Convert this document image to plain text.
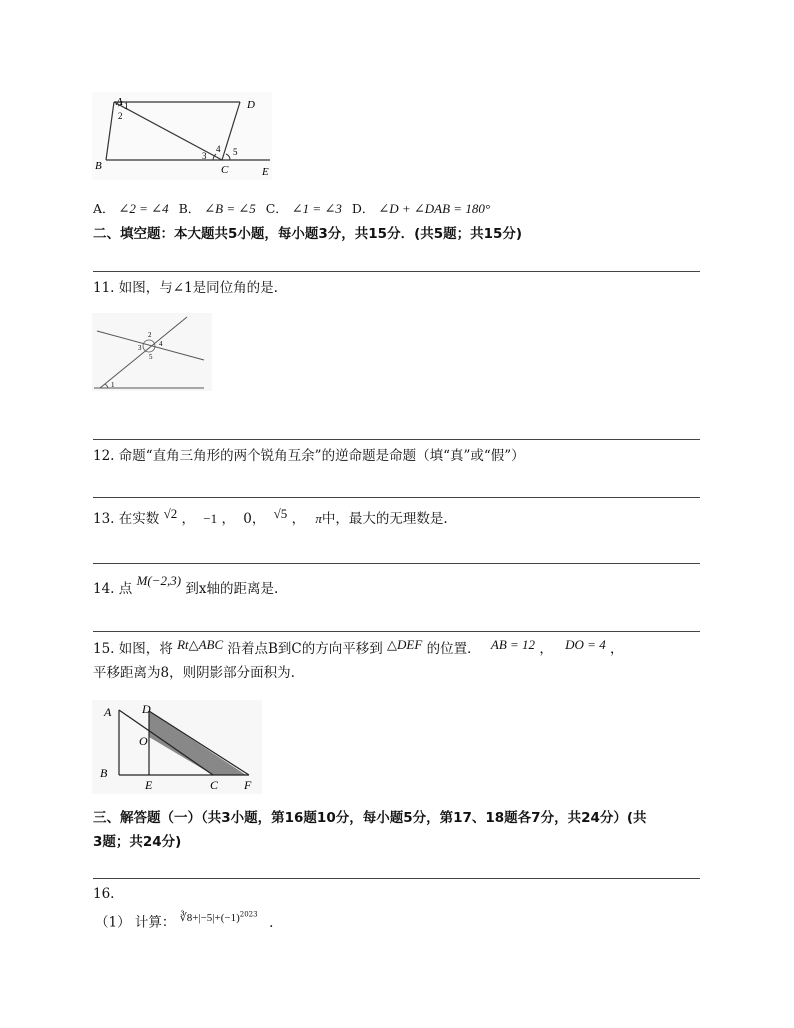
A	D
B	C	E
1
2
3
4 5
A． ∠2 = ∠4 B． ∠B = ∠5 C． ∠1 = ∠3 D． ∠D + ∠DAB = 180°
二、填空题：本大题共5小题，每小题3分，共15分．(共5题；共15分)
11. 如图，与∠1是同位角的是.
1
2
3	4
5
12. 命题“直角三角形的两个锐角互余”的逆命题是命题（填“真”或“假”）
13. 在实数 √2 ， −1 ， 0， √5 ， π中，最大的无理数是.
14. 点 M(−2,3) 到x轴的距离是.
15. 如图，将 Rt△ABC 沿着点B到C的方向平移到 △DEF 的位置． AB = 12 ， DO = 4 ，
平移距离为8，则阴影部分面积为.
A	D
O
B
E	C F
三、解答题（一）（共3小题，第16题10分，每小题5分，第17、18题各7分，共24分）(共
3题；共24分)
16.
（1） 计算： $^{∛8+|-5|+(-1)^{2023}}$ .
